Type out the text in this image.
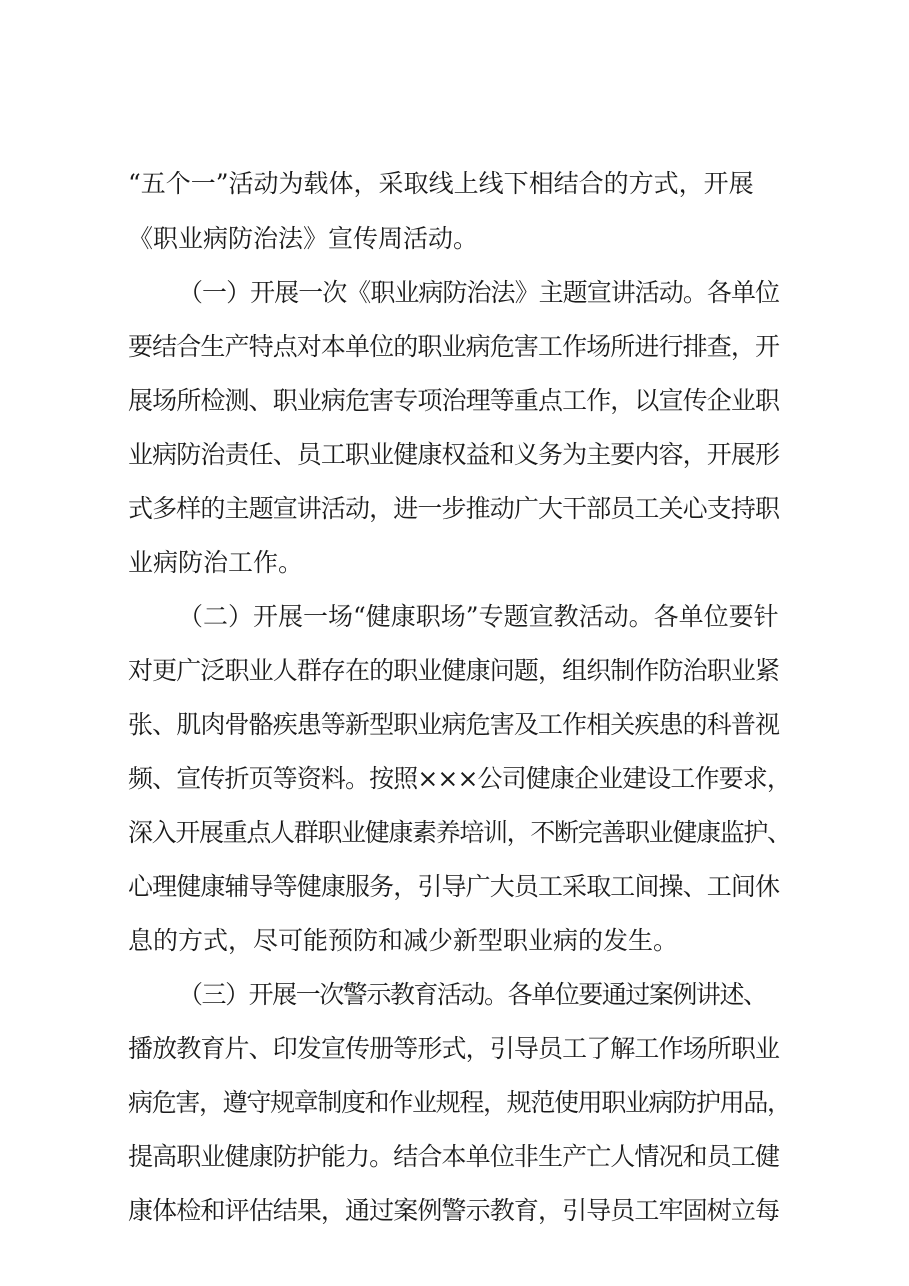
“五个一”活动为载体，采取线上线下相结合的方式，开展
《职业病防治法》宣传周活动。
（一）开展一次《职业病防治法》主题宣讲活动。各单位
要结合生产特点对本单位的职业病危害工作场所进行排查，开
展场所检测、职业病危害专项治理等重点工作，以宣传企业职
业病防治责任、员工职业健康权益和义务为主要内容，开展形
式多样的主题宣讲活动，进一步推动广大干部员工关心支持职
业病防治工作。
（二）开展一场“健康职场”专题宣教活动。各单位要针
对更广泛职业人群存在的职业健康问题，组织制作防治职业紧
张、肌肉骨骼疾患等新型职业病危害及工作相关疾患的科普视
频、宣传折页等资料。按照×××公司健康企业建设工作要求，
深入开展重点人群职业健康素养培训，不断完善职业健康监护、
心理健康辅导等健康服务，引导广大员工采取工间操、工间休
息的方式，尽可能预防和减少新型职业病的发生。
（三）开展一次警示教育活动。各单位要通过案例讲述、
播放教育片、印发宣传册等形式，引导员工了解工作场所职业
病危害，遵守规章制度和作业规程，规范使用职业病防护用品，
提高职业健康防护能力。结合本单位非生产亡人情况和员工健
康体检和评估结果，通过案例警示教育，引导员工牢固树立每
